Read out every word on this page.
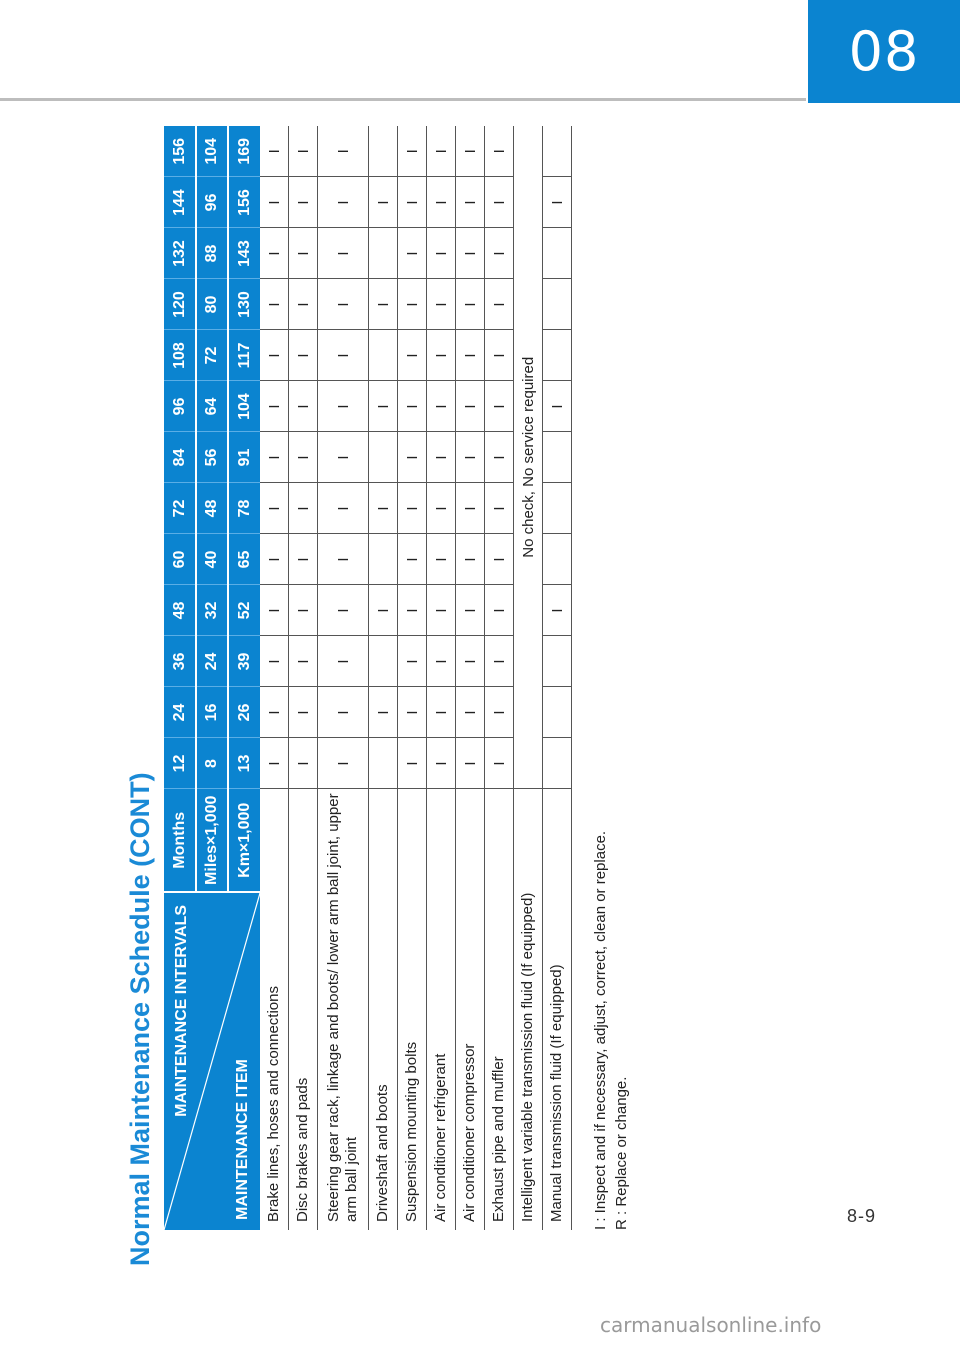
08
Normal Maintenance Schedule (CONT)	MAINTENANCE INTERVALS
MAINTENANCE ITEM	Months	12	24	36	48	60	72	84	96	108	120	132	144	156
	Miles×1,000	8	16	24	32	40	48	56	64	72	80	88	96	104
	Km×1,000	13	26	39	52	65	78	91	104	117	130	143	156	169
Brake lines, hoses and connections		I	I	I	I	I	I	I	I	I	I	I	I	I
Disc brakes and pads		I	I	I	I	I	I	I	I	I	I	I	I	I
Steering gear rack, linkage and boots/ lower arm ball joint, upper arm ball joint		I	I	I	I	I	I	I	I	I	I	I	I	I
Driveshaft and boots			I		I		I		I		I		I	
Suspension mounting bolts		I	I	I	I	I	I	I	I	I	I	I	I	I
Air conditioner refrigerant		I	I	I	I	I	I	I	I	I	I	I	I	I
Air conditioner compressor		I	I	I	I	I	I	I	I	I	I	I	I	I
Exhaust pipe and muffler		I	I	I	I	I	I	I	I	I	I	I	I	I
Intelligent variable transmission fluid (If equipped)		No check, No service required												
Manual transmission fluid (If equipped)					I				I				I	
I : Inspect and if necessary, adjust, correct, clean or replace. R : Replace or change.	8-9
carmanualsonline.info
